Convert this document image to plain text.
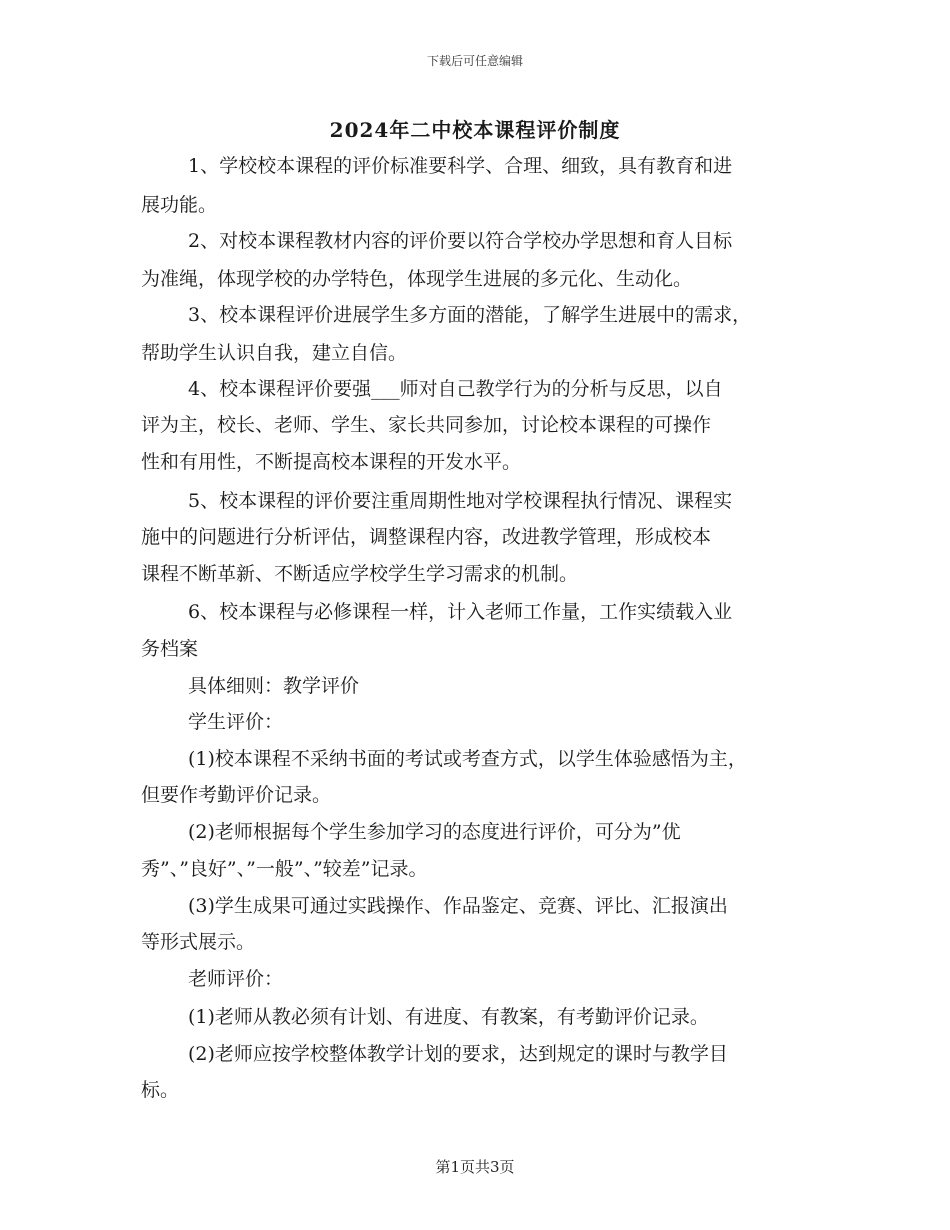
下载后可任意编辑
2024年二中校本课程评价制度
1、学校校本课程的评价标准要科学、合理、细致，具有教育和进
展功能。
2、对校本课程教材内容的评价要以符合学校办学思想和育人目标
为准绳，体现学校的办学特色，体现学生进展的多元化、生动化。
3、校本课程评价进展学生多方面的潜能，了解学生进展中的需求，
帮助学生认识自我，建立自信。
4、校本课程评价要强___师对自己教学行为的分析与反思，以自
评为主，校长、老师、学生、家长共同参加，讨论校本课程的可操作
性和有用性，不断提高校本课程的开发水平。
5、校本课程的评价要注重周期性地对学校课程执行情况、课程实
施中的问题进行分析评估，调整课程内容，改进教学管理，形成校本
课程不断革新、不断适应学校学生学习需求的机制。
6、校本课程与必修课程一样，计入老师工作量，工作实绩载入业
务档案
具体细则：教学评价
学生评价：
(1)校本课程不采纳书面的考试或考查方式，以学生体验感悟为主，
但要作考勤评价记录。
(2)老师根据每个学生参加学习的态度进行评价，可分为”优
秀”、”良好”、”一般”、”较差”记录。
(3)学生成果可通过实践操作、作品鉴定、竞赛、评比、汇报演出
等形式展示。
老师评价：
(1)老师从教必须有计划、有进度、有教案，有考勤评价记录。
(2)老师应按学校整体教学计划的要求，达到规定的课时与教学目
标。
第1页共3页
